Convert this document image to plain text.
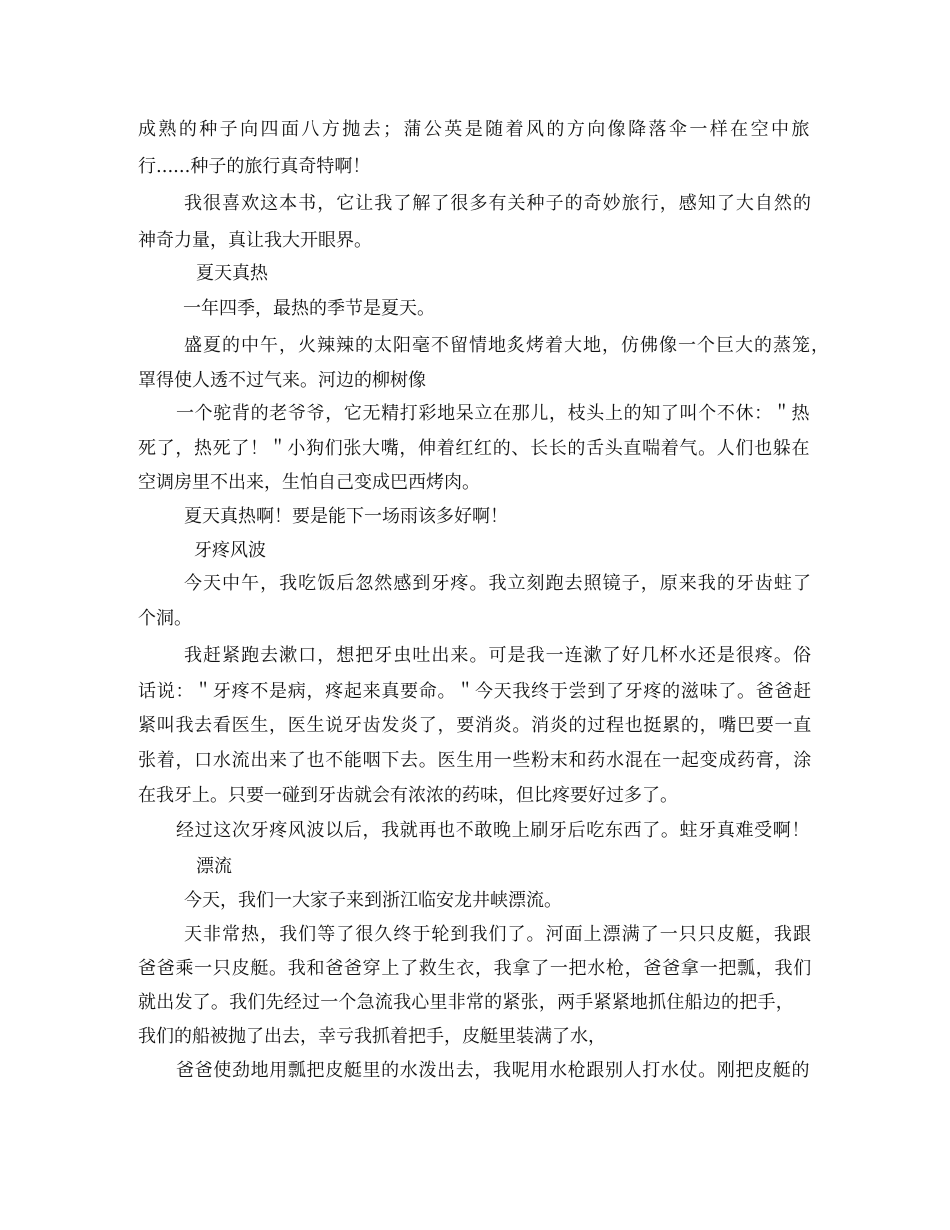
成熟的种子向四面八方抛去；蒲公英是随着风的方向像降落伞一样在空中旅
行......种子的旅行真奇特啊！
我很喜欢这本书，它让我了解了很多有关种子的奇妙旅行，感知了大自然的
神奇力量，真让我大开眼界。
夏天真热
一年四季，最热的季节是夏天。
盛夏的中午，火辣辣的太阳毫不留情地炙烤着大地，仿佛像一个巨大的蒸笼，
罩得使人透不过气来。河边的柳树像
一个驼背的老爷爷，它无精打彩地呆立在那儿，枝头上的知了叫个不休：＂热
死了，热死了！＂小狗们张大嘴，伸着红红的、长长的舌头直喘着气。人们也躲在
空调房里不出来，生怕自己变成巴西烤肉。
夏天真热啊！要是能下一场雨该多好啊！
牙疼风波
今天中午，我吃饭后忽然感到牙疼。我立刻跑去照镜子，原来我的牙齿蛀了
个洞。
我赶紧跑去漱口，想把牙虫吐出来。可是我一连漱了好几杯水还是很疼。俗
话说：＂牙疼不是病，疼起来真要命。＂今天我终于尝到了牙疼的滋味了。爸爸赶
紧叫我去看医生，医生说牙齿发炎了，要消炎。消炎的过程也挺累的，嘴巴要一直
张着，口水流出来了也不能咽下去。医生用一些粉末和药水混在一起变成药膏，涂
在我牙上。只要一碰到牙齿就会有浓浓的药味，但比疼要好过多了。
经过这次牙疼风波以后，我就再也不敢晚上刷牙后吃东西了。蛀牙真难受啊！
漂流
今天，我们一大家子来到浙江临安龙井峡漂流。
天非常热，我们等了很久终于轮到我们了。河面上漂满了一只只皮艇，我跟
爸爸乘一只皮艇。我和爸爸穿上了救生衣，我拿了一把水枪，爸爸拿一把瓢，我们
就出发了。我们先经过一个急流我心里非常的紧张，两手紧紧地抓住船边的把手，
我们的船被抛了出去，幸亏我抓着把手，皮艇里装满了水，
爸爸使劲地用瓢把皮艇里的水泼出去，我呢用水枪跟别人打水仗。刚把皮艇的
